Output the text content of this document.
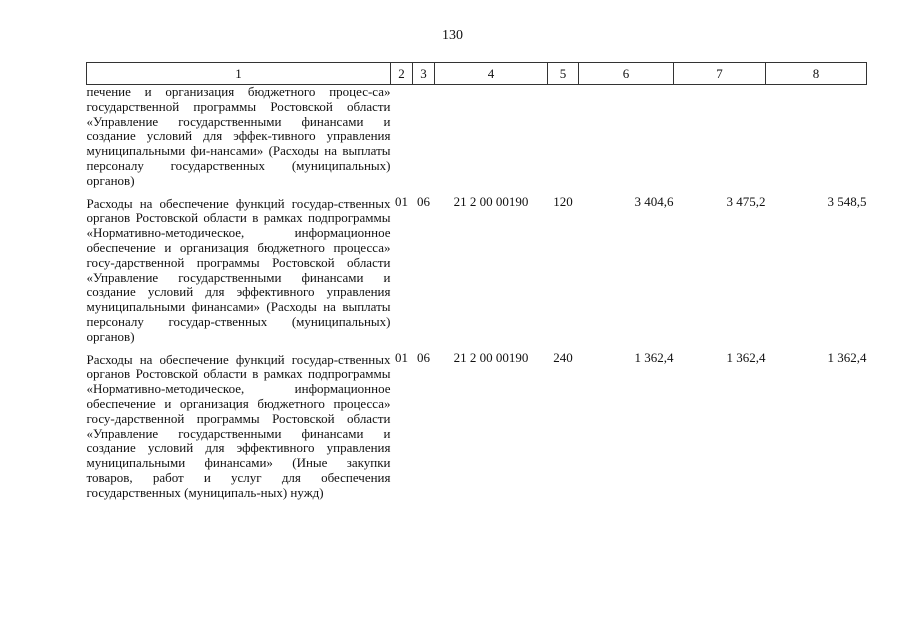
130
1	2	3	4	5	6	7	8
печение и организация бюджетного процес-са» государственной программы Ростовской области «Управление государственными финансами и создание условий для эффек-тивного управления муниципальными фи-нансами» (Расходы на выплаты персоналу государственных (муниципальных) органов)							
Расходы на обеспечение функций государ-ственных органов Ростовской области в рамках подпрограммы «Нормативно-методическое, информационное обеспечение и организация бюджетного процесса» госу-дарственной программы Ростовской области «Управление государственными финансами и создание условий для эффективного управления муниципальными финансами» (Расходы на выплаты персоналу государ-ственных (муниципальных) органов)	01	06	21 2 00 00190	120	3 404,6	3 475,2	3 548,5
Расходы на обеспечение функций государ-ственных органов Ростовской области в рамках подпрограммы «Нормативно-методическое, информационное обеспечение и организация бюджетного процесса» госу-дарственной программы Ростовской области «Управление государственными финансами и создание условий для эффективного управления муниципальными финансами» (Иные закупки товаров, работ и услуг для обеспечения государственных (муниципаль-ных) нужд)	01	06	21 2 00 00190	240	1 362,4	1 362,4	1 362,4
